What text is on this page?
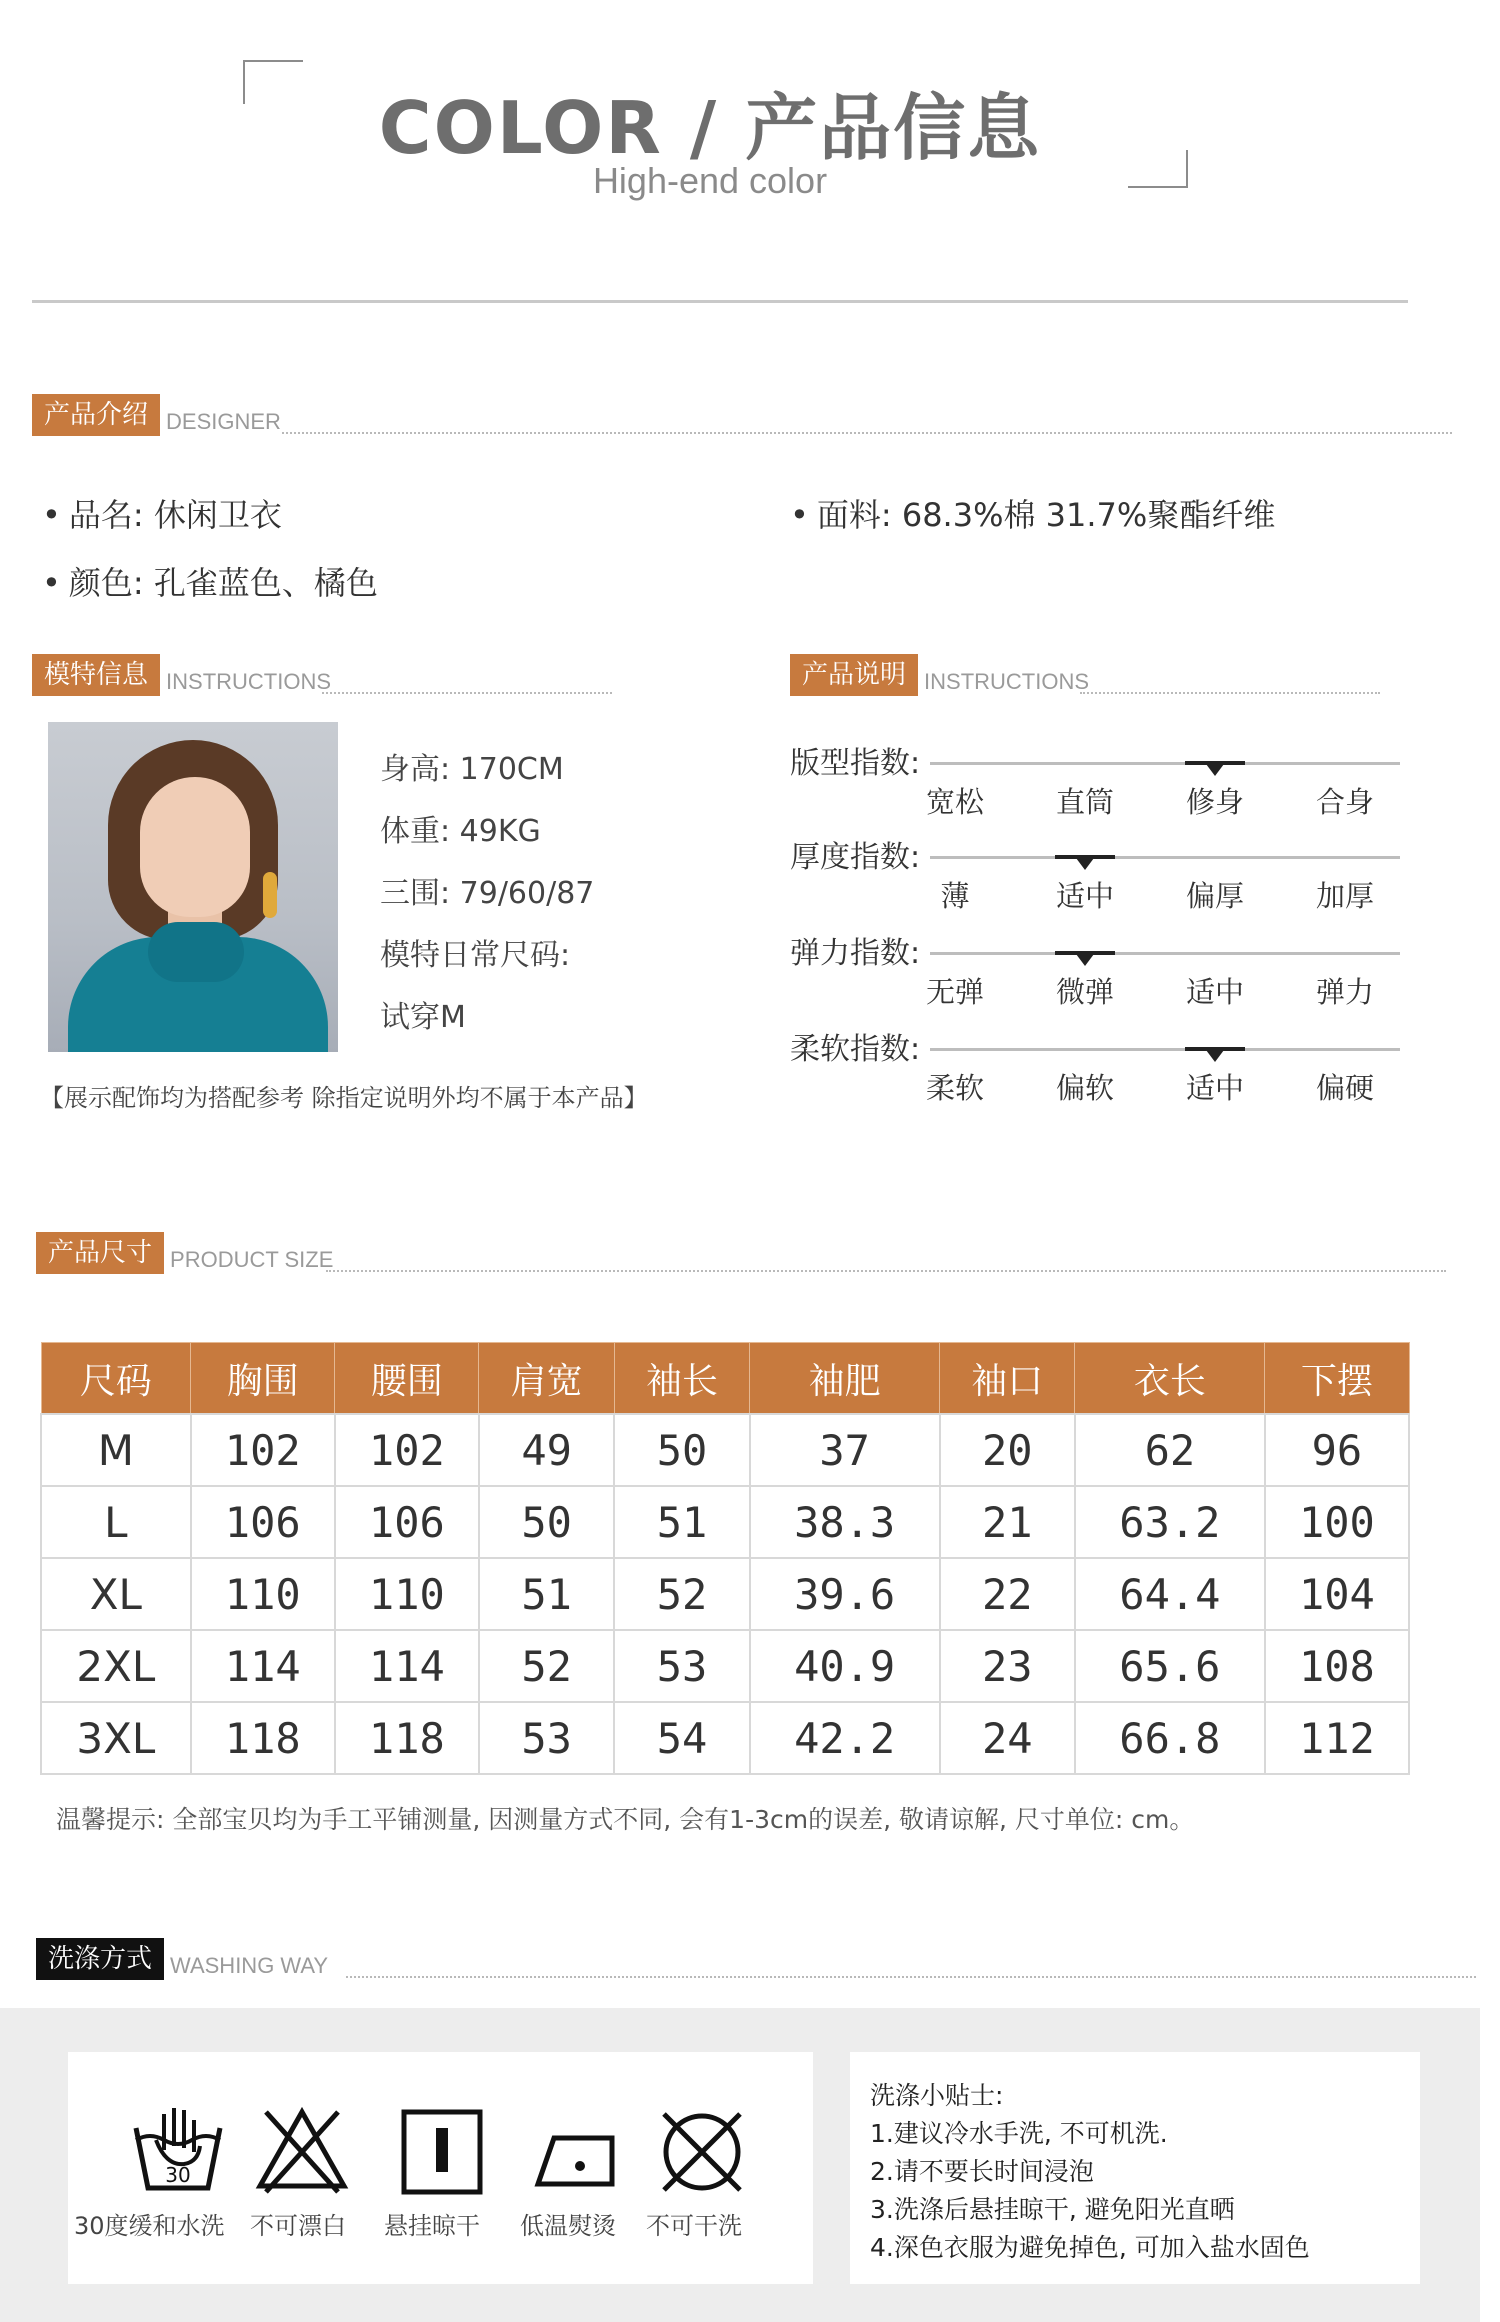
COLOR / 产品信息
High-end color
产品介绍 DESIGNER
• 品名: 休闲卫衣	• 面料: 68.3%棉 31.7%聚酯纤维
• 颜色: 孔雀蓝色、橘色
模特信息 INSTRUCTIONS
身高: 170CM
体重: 49KG
三围: 79/60/87
模特日常尺码:
试穿M
【展示配饰均为搭配参考 除指定说明外均不属于本产品】
产品说明 INSTRUCTIONS
版型指数:
宽松	直筒	修身	合身
厚度指数:
薄	适中	偏厚	加厚
弹力指数:
无弹	微弹	适中	弹力
柔软指数:
柔软	偏软	适中	偏硬
产品尺寸 PRODUCT SIZE
尺码	胸围	腰围	肩宽	袖长	袖肥	袖口	衣长	下摆
M	102	102	49	50	37	20	62	96
L	106	106	50	51	38.3	21	63.2	100
XL	110	110	51	52	39.6	22	64.4	104
2XL	114	114	52	53	40.9	23	65.6	108
3XL	118	118	53	54	42.2	24	66.8	112
温馨提示: 全部宝贝均为手工平铺测量, 因测量方式不同, 会有1-3cm的误差, 敬请谅解, 尺寸单位: cm。
洗涤方式 WASHING WAY
30
30度缓和水洗 不可漂白 悬挂晾干 低温熨烫 不可干洗
洗涤小贴士:
1.建议冷水手洗, 不可机洗.
2.请不要长时间浸泡
3.洗涤后悬挂晾干, 避免阳光直晒
4.深色衣服为避免掉色, 可加入盐水固色
